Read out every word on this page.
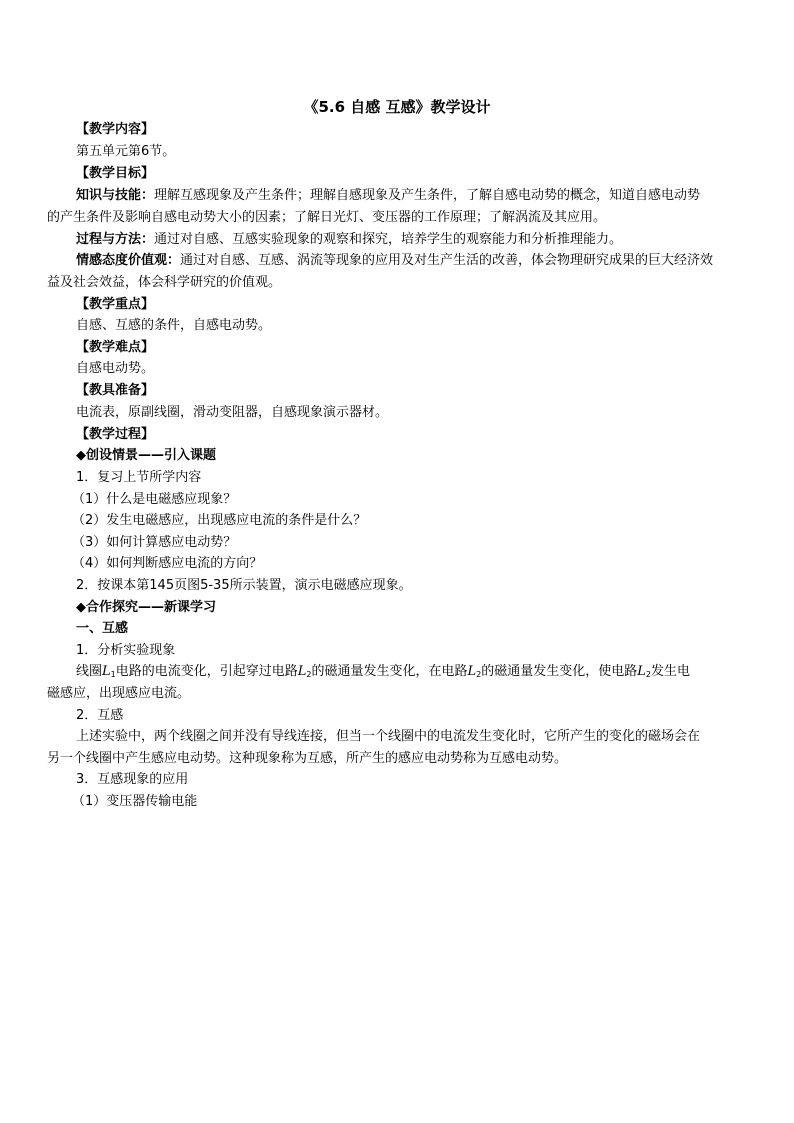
《5.6 自感 互感》教学设计
【教学内容】
第五单元第6节。
【教学目标】
知识与技能：理解互感现象及产生条件；理解自感现象及产生条件，了解自感电动势的概念，知道自感电动势
的产生条件及影响自感电动势大小的因素；了解日光灯、变压器的工作原理；了解涡流及其应用。
过程与方法：通过对自感、互感实验现象的观察和探究，培养学生的观察能力和分析推理能力。
情感态度价值观：通过对自感、互感、涡流等现象的应用及对生产生活的改善，体会物理研究成果的巨大经济效
益及社会效益，体会科学研究的价值观。
【教学重点】
自感、互感的条件，自感电动势。
【教学难点】
自感电动势。
【教具准备】
电流表，原副线圈，滑动变阻器，自感现象演示器材。
【教学过程】
◆创设情景——引入课题
1．复习上节所学内容
（1）什么是电磁感应现象？
（2）发生电磁感应，出现感应电流的条件是什么？
（3）如何计算感应电动势？
（4）如何判断感应电流的方向？
2．按课本第145页图5-35所示装置，演示电磁感应现象。
◆合作探究——新课学习
一、互感
1．分析实验现象
线圈$L_1$电路的电流变化，引起穿过电路$L_2$的磁通量发生变化，在电路$L_2$的磁通量发生变化，使电路$L_2$发生电
磁感应，出现感应电流。
2．互感
上述实验中，两个线圈之间并没有导线连接，但当一个线圈中的电流发生变化时，它所产生的变化的磁场会在
另一个线圈中产生感应电动势。这种现象称为互感，所产生的感应电动势称为互感电动势。
3．互感现象的应用
（1）变压器传输电能
